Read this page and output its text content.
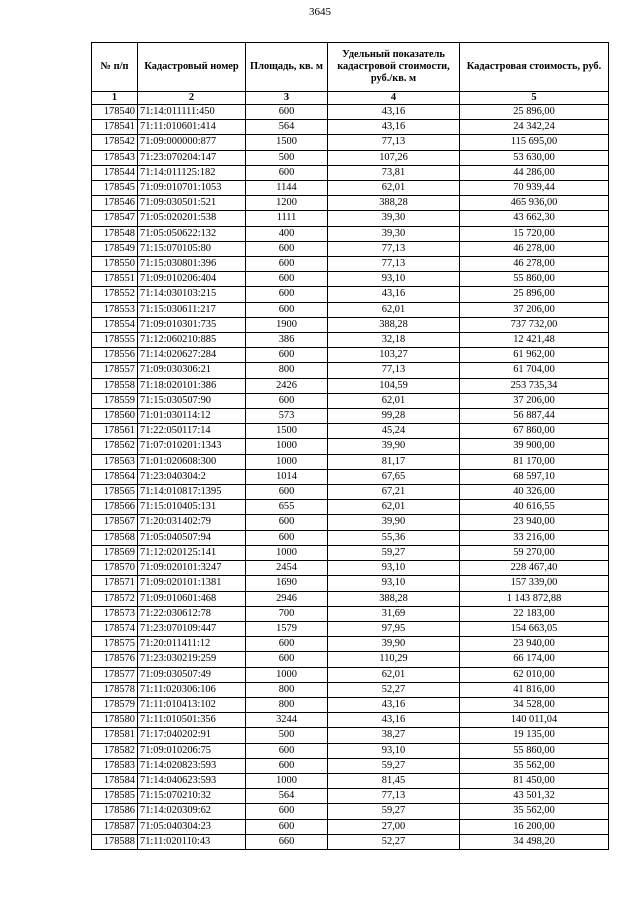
3645
№ п/п	Кадастровый номер	Площадь, кв. м	Удельный показатель кадастровой стоимости, руб./кв. м	Кадастровая стоимость, руб.
1	2	3	4	5
178540	71:14:011111:450	600	43,16	25 896,00
178541	71:11:010601:414	564	43,16	24 342,24
178542	71:09:000000:877	1500	77,13	115 695,00
178543	71:23:070204:147	500	107,26	53 630,00
178544	71:14:011125:182	600	73,81	44 286,00
178545	71:09:010701:1053	1144	62,01	70 939,44
178546	71:09:030501:521	1200	388,28	465 936,00
178547	71:05:020201:538	1111	39,30	43 662,30
178548	71:05:050622:132	400	39,30	15 720,00
178549	71:15:070105:80	600	77,13	46 278,00
178550	71:15:030801:396	600	77,13	46 278,00
178551	71:09:010206:404	600	93,10	55 860,00
178552	71:14:030103:215	600	43,16	25 896,00
178553	71:15:030611:217	600	62,01	37 206,00
178554	71:09:010301:735	1900	388,28	737 732,00
178555	71:12:060210:885	386	32,18	12 421,48
178556	71:14:020627:284	600	103,27	61 962,00
178557	71:09:030306:21	800	77,13	61 704,00
178558	71:18:020101:386	2426	104,59	253 735,34
178559	71:15:030507:90	600	62,01	37 206,00
178560	71:01:030114:12	573	99,28	56 887,44
178561	71:22:050117:14	1500	45,24	67 860,00
178562	71:07:010201:1343	1000	39,90	39 900,00
178563	71:01:020608:300	1000	81,17	81 170,00
178564	71:23:040304:2	1014	67,65	68 597,10
178565	71:14:010817:1395	600	67,21	40 326,00
178566	71:15:010405:131	655	62,01	40 616,55
178567	71:20:031402:79	600	39,90	23 940,00
178568	71:05:040507:94	600	55,36	33 216,00
178569	71:12:020125:141	1000	59,27	59 270,00
178570	71:09:020101:3247	2454	93,10	228 467,40
178571	71:09:020101:1381	1690	93,10	157 339,00
178572	71:09:010601:468	2946	388,28	1 143 872,88
178573	71:22:030612:78	700	31,69	22 183,00
178574	71:23:070109:447	1579	97,95	154 663,05
178575	71:20:011411:12	600	39,90	23 940,00
178576	71:23:030219:259	600	110,29	66 174,00
178577	71:09:030507:49	1000	62,01	62 010,00
178578	71:11:020306:106	800	52,27	41 816,00
178579	71:11:010413:102	800	43,16	34 528,00
178580	71:11:010501:356	3244	43,16	140 011,04
178581	71:17:040202:91	500	38,27	19 135,00
178582	71:09:010206:75	600	93,10	55 860,00
178583	71:14:020823:593	600	59,27	35 562,00
178584	71:14:040623:593	1000	81,45	81 450,00
178585	71:15:070210:32	564	77,13	43 501,32
178586	71:14:020309:62	600	59,27	35 562,00
178587	71:05:040304:23	600	27,00	16 200,00
178588	71:11:020110:43	660	52,27	34 498,20
